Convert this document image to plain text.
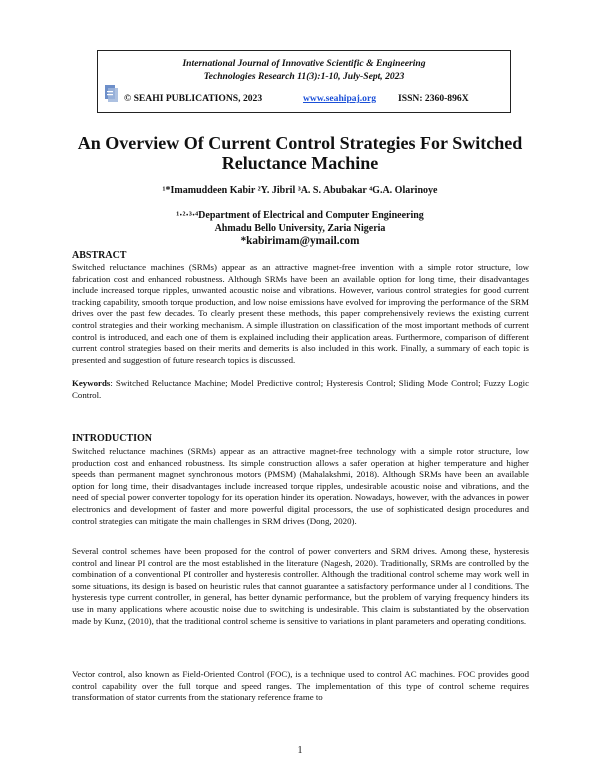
International Journal of Innovative Scientific & Engineering
Technologies Research 11(3):1-10, July-Sept, 2023
© SEAHI PUBLICATIONS, 2023	www.seahipaj.org ISSN: 2360-896X
An Overview Of Current Control Strategies For Switched Reluctance Machine
¹*Imamuddeen Kabir ²Y. Jibril ³A. S. Abubakar ⁴G.A. Olarinoye
¹·²·³·⁴Department of Electrical and Computer Engineering
Ahmadu Bello University, Zaria Nigeria
*kabirimam@ymail.com
ABSTRACT
Switched reluctance machines (SRMs) appear as an attractive magnet-free invention with a simple rotor structure, low fabrication cost and enhanced robustness. Although SRMs have been an available option for long time, their disadvantages include increased torque ripples, unwanted acoustic noise and vibrations. However, various control strategies for good current tracking capability, smooth torque production, and low noise emissions have evolved for improving the performance of the SRM drives over the past few decades. To clearly present these methods, this paper comprehensively reviews the existing current control strategies and their working mechanism. A simple illustration on classification of the most important methods of current control is introduced, and each one of them is explained including their application areas. Furthermore, comparison of different current control strategies based on their merits and demerits is also included in this work. Finally, a summary of each topic is presented and suggestion of future research topics is discussed.
Keywords: Switched Reluctance Machine; Model Predictive control; Hysteresis Control; Sliding Mode Control; Fuzzy Logic Control.
INTRODUCTION
Switched reluctance machines (SRMs) appear as an attractive magnet-free technology with a simple rotor structure, low production cost and enhanced robustness. Its simple construction allows a safer operation at higher temperature and higher speeds than permanent magnet synchronous motors (PMSM) (Mahalakshmi, 2018). Although SRMs have been an available option for long time, their disadvantages include increased torque ripples, undesirable acoustic noise and vibrations, and the need of special power converter topology for its operation hinder its operation. Nowadays, however, with the advances in power electronics and development of faster and more powerful digital processors, the use of sophisticated design procedures and control strategies can mitigate the main challenges in SRM drives (Dong, 2020).
Several control schemes have been proposed for the control of power converters and SRM drives. Among these, hysteresis control and linear PI control are the most established in the literature (Nagesh, 2020). Traditionally, SRMs are controlled by the combination of a conventional PI controller and hysteresis controller. Although the traditional control scheme may work well in some situations, its design is based on heuristic rules that cannot guarantee a satisfactory performance under al l conditions. The hysteresis type current controller, in general, has better dynamic performance, but the problem of varying frequency hinders its use in many applications where acoustic noise due to switching is undesirable. This claim is substantiated by the observation made by Kunz, (2010), that the traditional control scheme is sensitive to variations in plant parameters and operating conditions.
Vector control, also known as Field-Oriented Control (FOC), is a technique used to control AC machines. FOC provides good control capability over the full torque and speed ranges. The implementation of this type of control scheme requires transformation of stator currents from the stationary reference frame to
1
